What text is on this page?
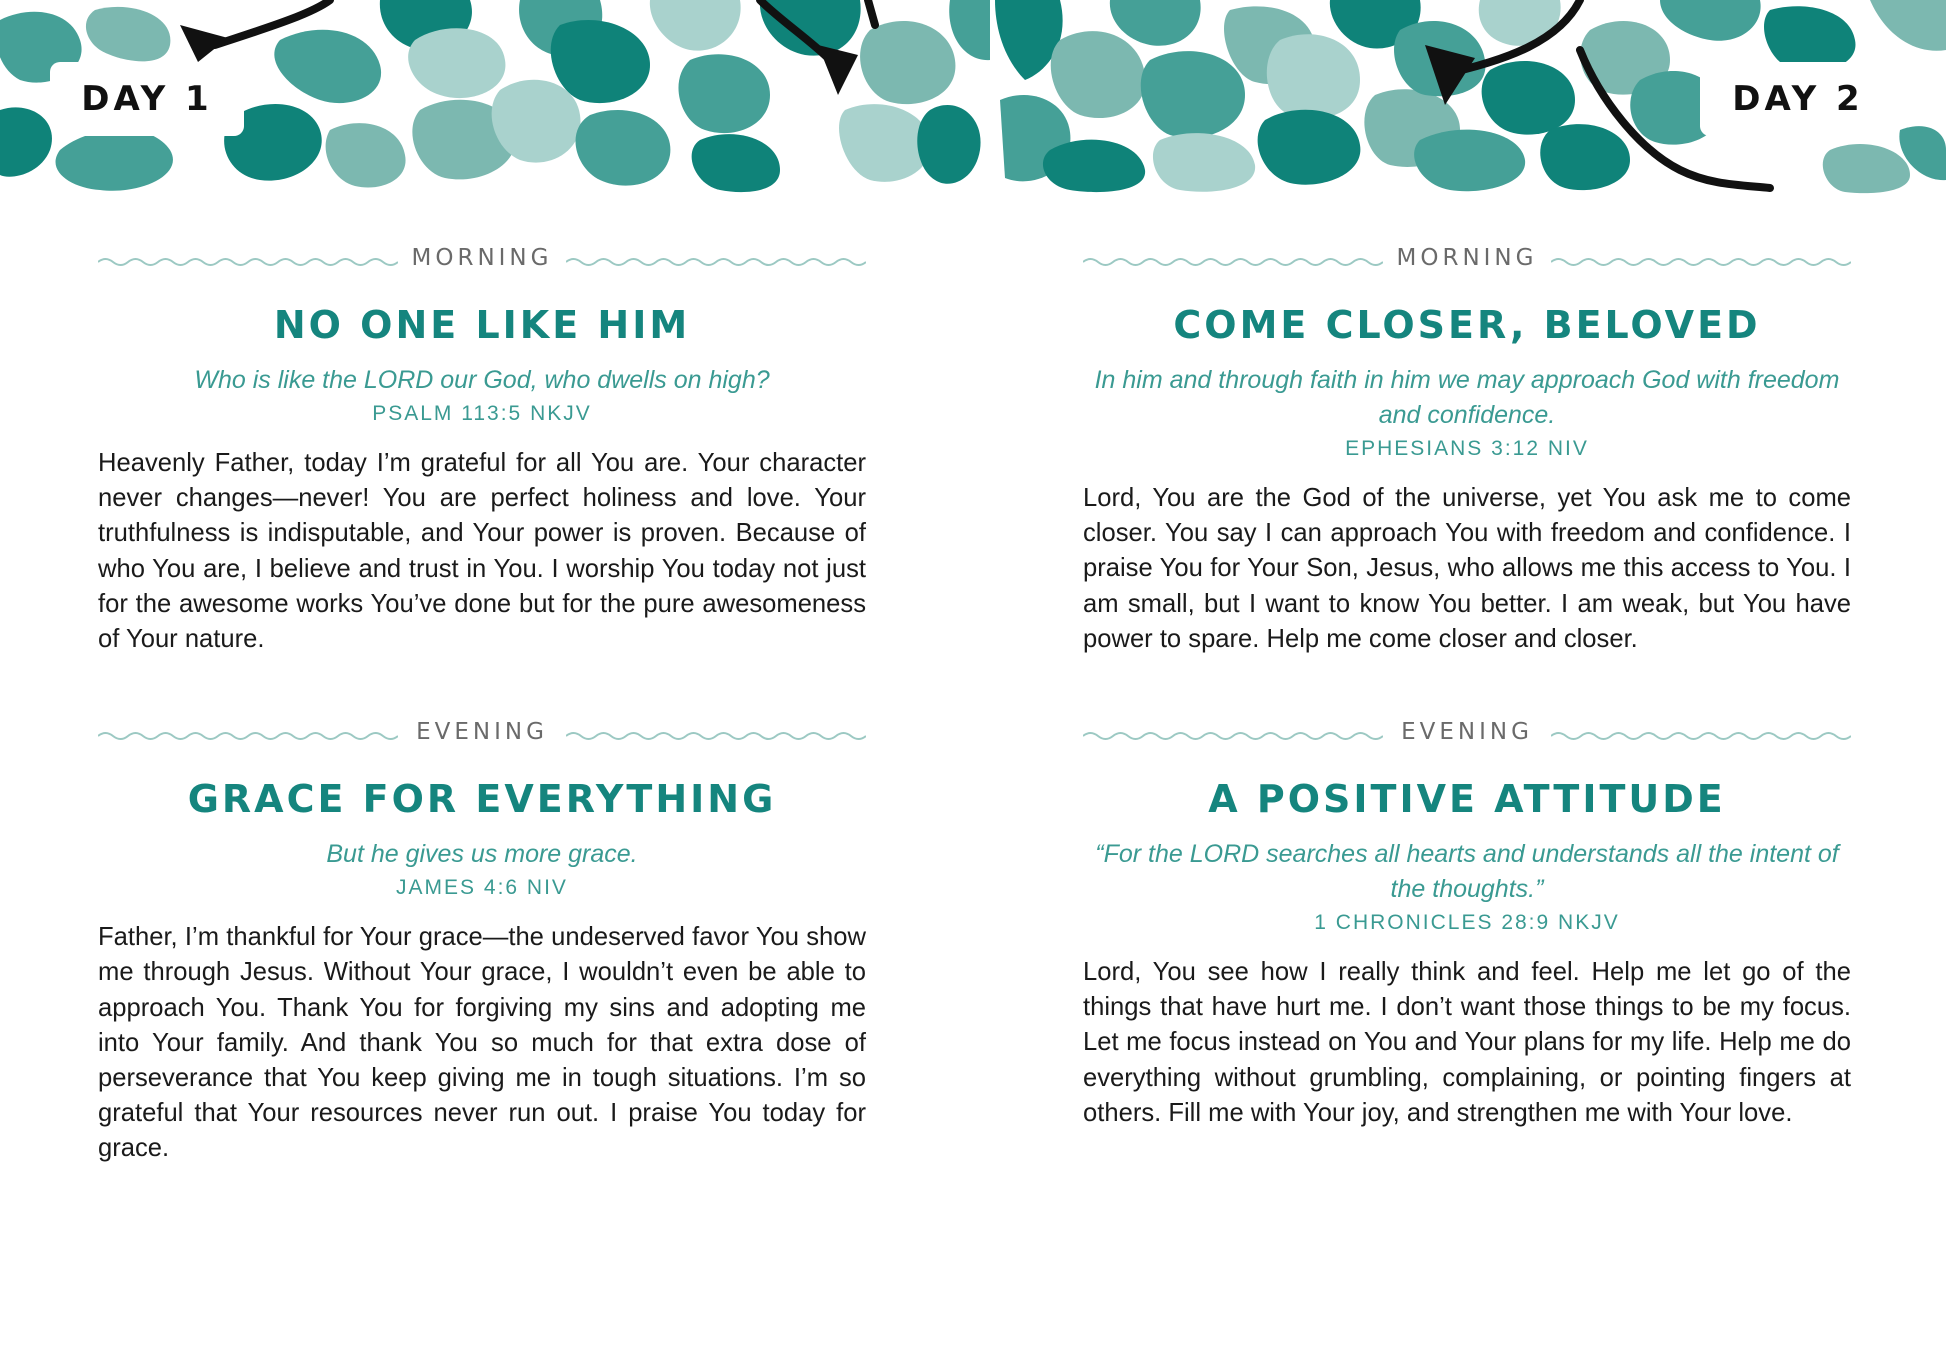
DAY 1	DAY 2
MORNING
NO ONE LIKE HIM
Who is like the LORD our God, who dwells on high?
PSALM 113:5 NKJV
Heavenly Father, today I’m grateful for all You are. Your character never changes—never! You are perfect holiness and love. Your truthfulness is indisputable, and Your power is proven. Because of who You are, I believe and trust in You. I worship You today not just for the awesome works You’ve done but for the pure awesomeness of Your nature.
EVENING
GRACE FOR EVERYTHING
But he gives us more grace.
JAMES 4:6 NIV
Father, I’m thankful for Your grace—the undeserved favor You show me through Jesus. Without Your grace, I wouldn’t even be able to approach You. Thank You for forgiving my sins and adopting me into Your family. And thank You so much for that extra dose of perseverance that You keep giving me in tough situations. I’m so grateful that Your resources never run out. I praise You today for grace.
MORNING
COME CLOSER, BELOVED
In him and through faith in him we may approach God with freedom and confidence.
EPHESIANS 3:12 NIV
Lord, You are the God of the universe, yet You ask me to come closer. You say I can approach You with freedom and confidence. I praise You for Your Son, Jesus, who allows me this access to You. I am small, but I want to know You better. I am weak, but You have power to spare. Help me come closer and closer.
EVENING
A POSITIVE ATTITUDE
“For the LORD searches all hearts and understands all the intent of the thoughts.”
1 CHRONICLES 28:9 NKJV
Lord, You see how I really think and feel. Help me let go of the things that have hurt me. I don’t want those things to be my focus. Let me focus instead on You and Your plans for my life. Help me do everything without grumbling, complaining, or pointing fingers at others. Fill me with Your joy, and strengthen me with Your love.
